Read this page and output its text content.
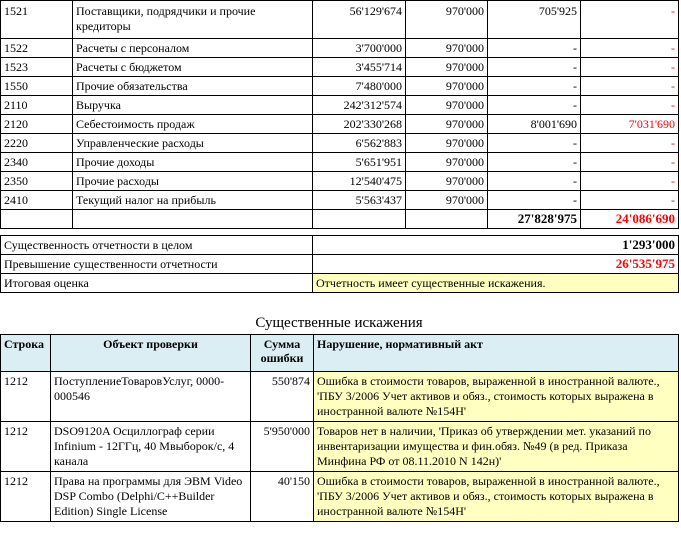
1521	Поставщики, подрядчики и прочие кредиторы	56'129'674	970'000	705'925	-
1522	Расчеты с персоналом	3'700'000	970'000	-	-
1523	Расчеты с бюджетом	3'455'714	970'000	-	-
1550	Прочие обязательства	7'480'000	970'000	-	-
2110	Выручка	242'312'574	970'000	-	-
2120	Себестоимость продаж	202'330'268	970'000	8'001'690	7'031'690
2220	Управленческие расходы	6'562'883	970'000	-	-
2340	Прочие доходы	5'651'951	970'000	-	-
2350	Прочие расходы	12'540'475	970'000	-	-
2410	Текущий налог на прибыль	5'563'437	970'000	-	-
				27'828'975	24'086'690
Существенность отчетности в целом	1'293'000
Превышение существенности отчетности	26'535'975
Итоговая оценка	Отчетность имеет существенные искажения.
Существенные искажения
Строка	Объект проверки	Сумма ошибки	Нарушение, нормативный акт
1212	ПоступлениеТоваровУслуг, 0000-000546	550'874	Ошибка в стоимости товаров, выраженной в иностранной валюте., 'ПБУ 3/2006 Учет активов и обяз., стоимость которых выражена в иностранной валюте №154Н'
1212	DSO9120A Осциллограф серии Infinium - 12ГГц, 40 Мвыборок/с, 4 канала	5'950'000	Товаров нет в наличии, 'Приказ об утверждении мет. указаний по инвентаризации имущества и фин.обяз. №49 (в ред. Приказа Минфина РФ от 08.11.2010 N 142н)'
1212	Права на программы для ЭВМ Video DSP Combo (Delphi/C++Builder Edition) Single License	40'150	Ошибка в стоимости товаров, выраженной в иностранной валюте., 'ПБУ 3/2006 Учет активов и обяз., стоимость которых выражена в иностранной валюте №154Н'
